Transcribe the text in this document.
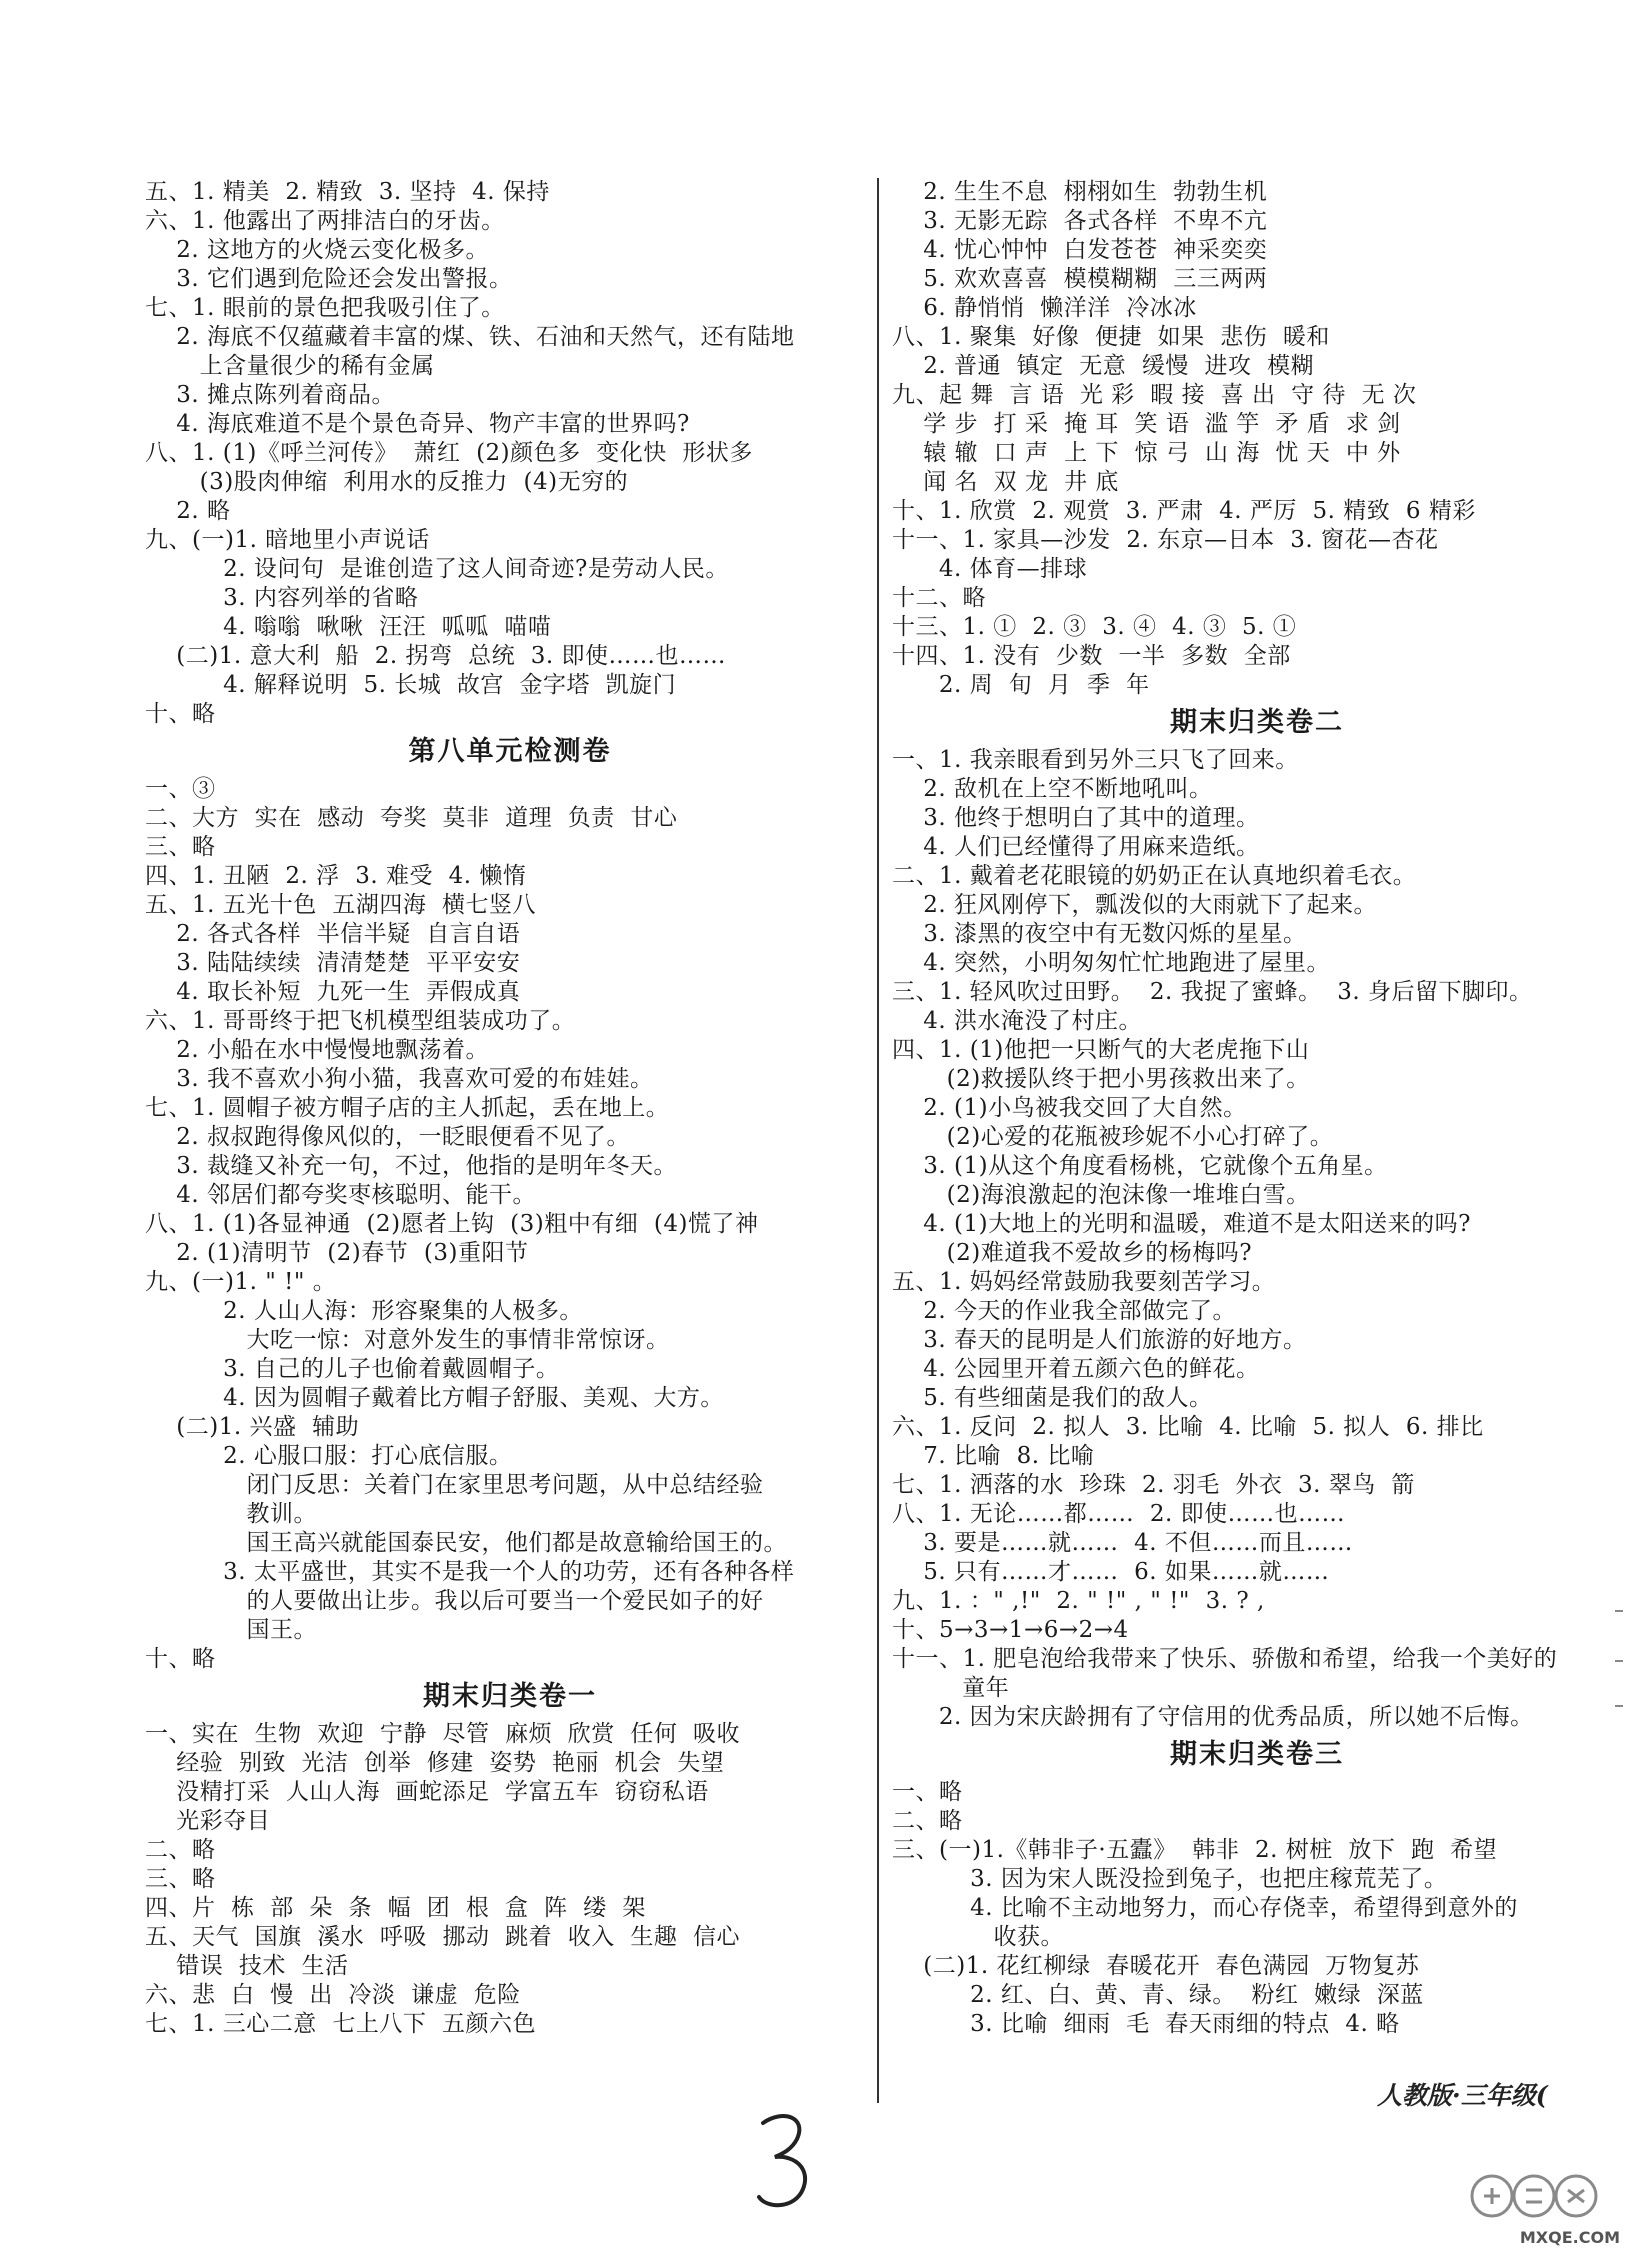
五、1. 精美  2. 精致  3. 坚持  4. 保持
六、1. 他露出了两排洁白的牙齿。
2. 这地方的火烧云变化极多。
3. 它们遇到危险还会发出警报。
七、1. 眼前的景色把我吸引住了。
2. 海底不仅蕴藏着丰富的煤、铁、石油和天然气，还有陆地
上含量很少的稀有金属
3. 摊点陈列着商品。
4. 海底难道不是个景色奇异、物产丰富的世界吗?
八、1. (1)《呼兰河传》  萧红  (2)颜色多  变化快  形状多
(3)股肉伸缩  利用水的反推力  (4)无穷的
2. 略
九、(一)1. 暗地里小声说话
2. 设问句  是谁创造了这人间奇迹?是劳动人民。
3. 内容列举的省略
4. 嗡嗡  啾啾  汪汪  呱呱  喵喵
(二)1. 意大利  船  2. 拐弯  总统  3. 即使……也……
4. 解释说明  5. 长城  故宫  金字塔  凯旋门
十、略
第八单元检测卷
一、③
二、大方  实在  感动  夸奖  莫非  道理  负责  甘心
三、略
四、1. 丑陋  2. 浮  3. 难受  4. 懒惰
五、1. 五光十色  五湖四海  横七竖八
2. 各式各样  半信半疑  自言自语
3. 陆陆续续  清清楚楚  平平安安
4. 取长补短  九死一生  弄假成真
六、1. 哥哥终于把飞机模型组装成功了。
2. 小船在水中慢慢地飘荡着。
3. 我不喜欢小狗小猫，我喜欢可爱的布娃娃。
七、1. 圆帽子被方帽子店的主人抓起，丢在地上。
2. 叔叔跑得像风似的，一眨眼便看不见了。
3. 裁缝又补充一句，不过，他指的是明年冬天。
4. 邻居们都夸奖枣核聪明、能干。
八、1. (1)各显神通  (2)愿者上钩  (3)粗中有细  (4)慌了神
2. (1)清明节  (2)春节  (3)重阳节
九、(一)1. " !" 。
2. 人山人海：形容聚集的人极多。
大吃一惊：对意外发生的事情非常惊讶。
3. 自己的儿子也偷着戴圆帽子。
4. 因为圆帽子戴着比方帽子舒服、美观、大方。
(二)1. 兴盛  辅助
2. 心服口服：打心底信服。
闭门反思：关着门在家里思考问题，从中总结经验
教训。
国王高兴就能国泰民安，他们都是故意输给国王的。
3. 太平盛世，其实不是我一个人的功劳，还有各种各样
的人要做出让步。我以后可要当一个爱民如子的好
国王。
十、略
期末归类卷一
一、实在  生物  欢迎  宁静  尽管  麻烦  欣赏  任何  吸收
经验  别致  光洁  创举  修建  姿势  艳丽  机会  失望
没精打采  人山人海  画蛇添足  学富五车  窃窃私语
光彩夺目
二、略
三、略
四、片  栋  部  朵  条  幅  团  根  盒  阵  缕  架
五、天气  国旗  溪水  呼吸  挪动  跳着  收入  生趣  信心
错误  技术  生活
六、悲  白  慢  出  冷淡  谦虚  危险
七、1. 三心二意  七上八下  五颜六色
2. 生生不息  栩栩如生  勃勃生机
3. 无影无踪  各式各样  不卑不亢
4. 忧心忡忡  白发苍苍  神采奕奕
5. 欢欢喜喜  模模糊糊  三三两两
6. 静悄悄  懒洋洋  冷冰冰
八、1. 聚集  好像  便捷  如果  悲伤  暖和
2. 普通  镇定  无意  缓慢  进攻  模糊
九、起 舞  言 语  光 彩  暇 接  喜 出  守 待  无 次
学 步  打 采  掩 耳  笑 语  滥 竽  矛 盾  求 剑
辕 辙  口 声  上 下  惊 弓  山 海  忧 天  中 外
闻 名  双 龙  井 底
十、1. 欣赏  2. 观赏  3. 严肃  4. 严厉  5. 精致  6 精彩
十一、1. 家具—沙发  2. 东京—日本  3. 窗花—杏花
4. 体育—排球
十二、略
十三、1. ①  2. ③  3. ④  4. ③  5. ①
十四、1. 没有  少数  一半  多数  全部
2. 周  旬  月  季  年
期末归类卷二
一、1. 我亲眼看到另外三只飞了回来。
2. 敌机在上空不断地吼叫。
3. 他终于想明白了其中的道理。
4. 人们已经懂得了用麻来造纸。
二、1. 戴着老花眼镜的奶奶正在认真地织着毛衣。
2. 狂风刚停下，瓢泼似的大雨就下了起来。
3. 漆黑的夜空中有无数闪烁的星星。
4. 突然，小明匆匆忙忙地跑进了屋里。
三、1. 轻风吹过田野。  2. 我捉了蜜蜂。  3. 身后留下脚印。
4. 洪水淹没了村庄。
四、1. (1)他把一只断气的大老虎拖下山
(2)救援队终于把小男孩救出来了。
2. (1)小鸟被我交回了大自然。
(2)心爱的花瓶被珍妮不小心打碎了。
3. (1)从这个角度看杨桃，它就像个五角星。
(2)海浪激起的泡沫像一堆堆白雪。
4. (1)大地上的光明和温暖，难道不是太阳送来的吗?
(2)难道我不爱故乡的杨梅吗?
五、1. 妈妈经常鼓励我要刻苦学习。
2. 今天的作业我全部做完了。
3. 春天的昆明是人们旅游的好地方。
4. 公园里开着五颜六色的鲜花。
5. 有些细菌是我们的敌人。
六、1. 反问  2. 拟人  3. 比喻  4. 比喻  5. 拟人  6. 排比
7. 比喻  8. 比喻
七、1. 洒落的水  珍珠  2. 羽毛  外衣  3. 翠鸟  箭
八、1. 无论……都……  2. 即使……也……
3. 要是……就……  4. 不但……而且……
5. 只有……才……  6. 如果……就……
九、1. ：" ,!"  2. " !" , " !"  3. ? ,
十、5→3→1→6→2→4
十一、1. 肥皂泡给我带来了快乐、骄傲和希望，给我一个美好的
童年
2. 因为宋庆龄拥有了守信用的优秀品质，所以她不后悔。
期末归类卷三
一、略
二、略
三、(一)1.《韩非子·五蠹》  韩非  2. 树桩  放下  跑  希望
3. 因为宋人既没捡到兔子，也把庄稼荒芜了。
4. 比喻不主动地努力，而心存侥幸，希望得到意外的
收获。
(二)1. 花红柳绿  春暖花开  春色满园  万物复苏
2. 红、白、黄、青、绿。  粉红  嫩绿  深蓝
3. 比喻  细雨  毛  春天雨细的特点  4. 略
人教版·三年级(
MXQE.COM
